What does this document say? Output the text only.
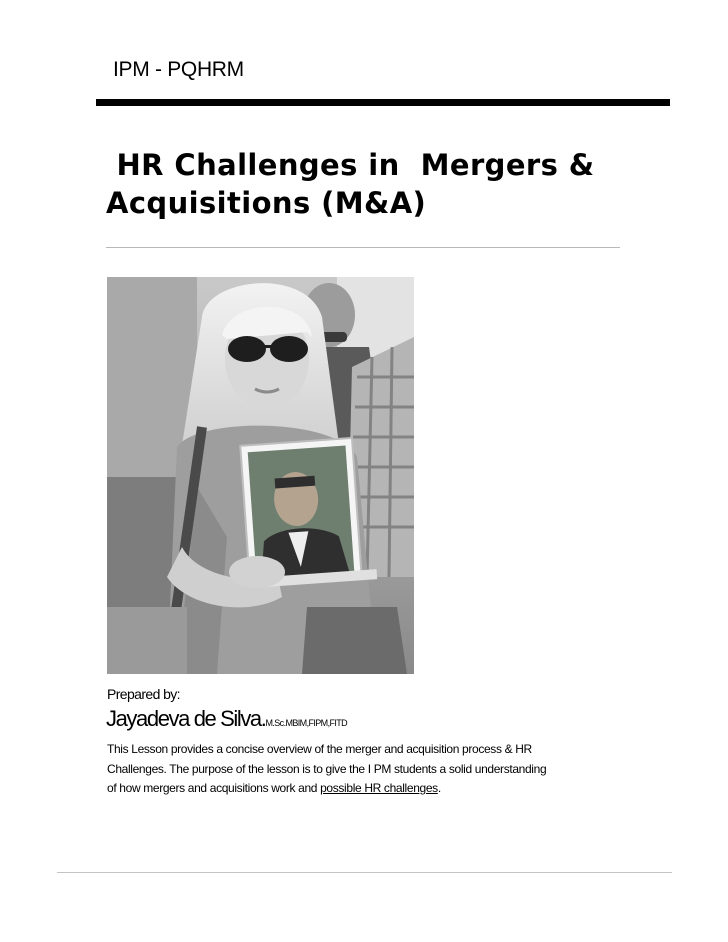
IPM - PQHRM
HR Challenges in  Mergers &
Acquisitions (M&A)
Prepared by:
Jayadeva de Silva.M.Sc.MBIM,FIPM,FITD

This Lesson provides a concise overview of the merger and acquisition process & HR

Challenges. The purpose of the lesson is to give the I PM students a solid understanding

of how mergers and acquisitions work and possible HR challenges.
